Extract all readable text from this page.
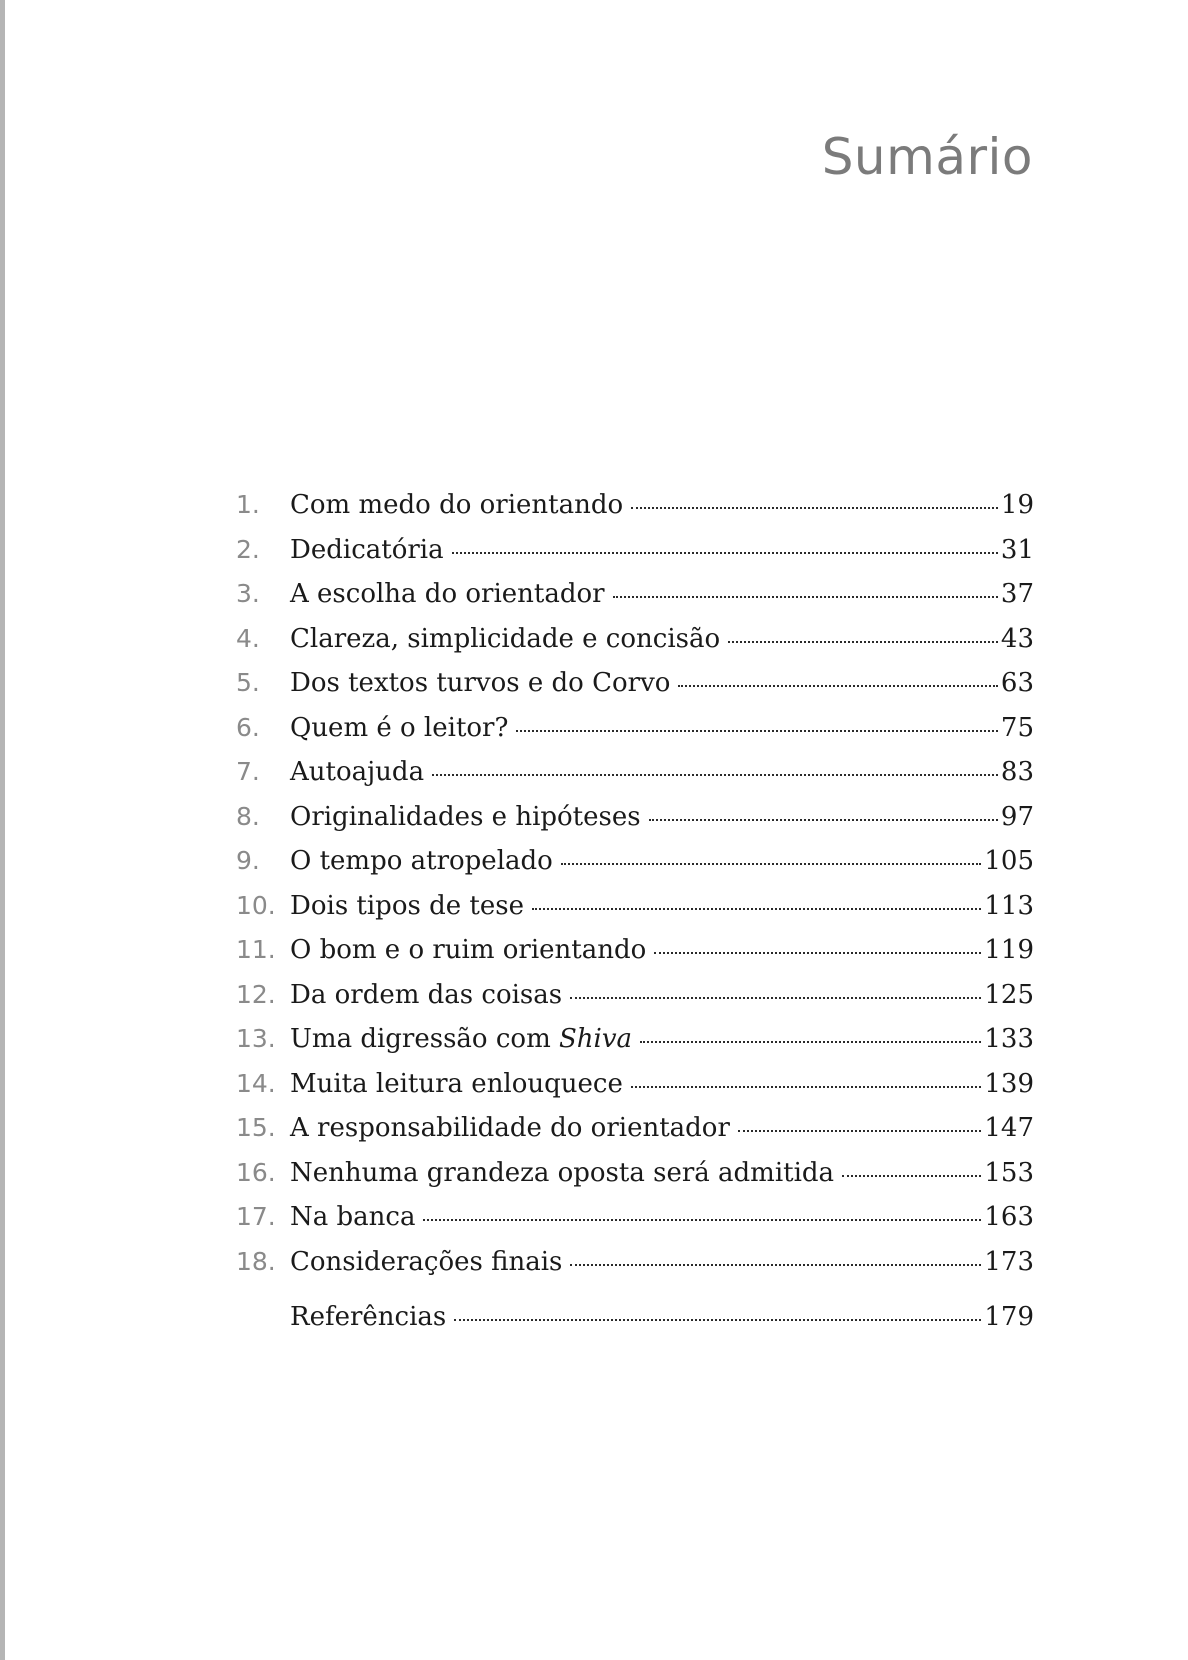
Sumário
1.	Com medo do orientando	19
2.	Dedicatória	31
3.	A escolha do orientador	37
4.	Clareza, simplicidade e concisão	43
5.	Dos textos turvos e do Corvo	63
6.	Quem é o leitor?	75
7.	Autoajuda	83
8.	Originalidades e hipóteses	97
9.	O tempo atropelado	105
10. Dois tipos de tese	113
11. O bom e o ruim orientando	119
12. Da ordem das coisas	125
13. Uma digressão com Shiva	133
14. Muita leitura enlouquece	139
15. A responsabilidade do orientador	147
16. Nenhuma grandeza oposta será admitida	153
17. Na banca	163
18. Considerações finais	173
Referências	179
